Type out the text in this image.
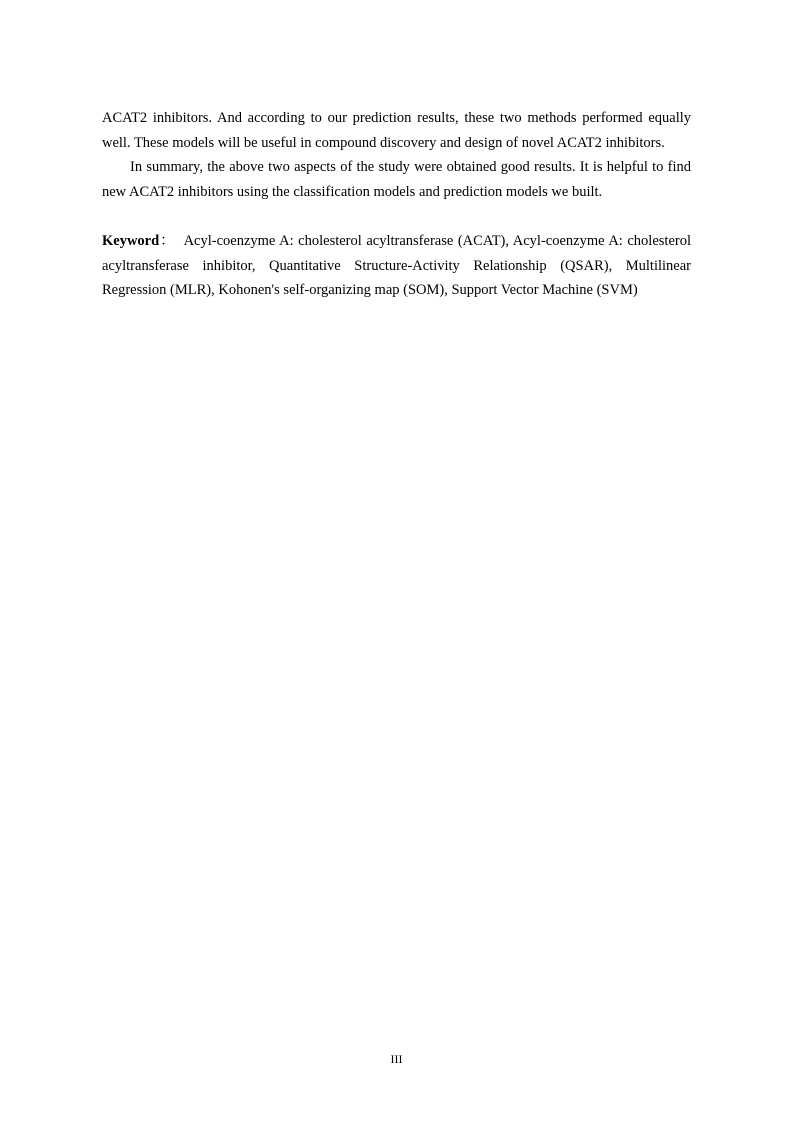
ACAT2 inhibitors. And according to our prediction results, these two methods performed equally well. These models will be useful in compound discovery and design of novel ACAT2 inhibitors.

In summary, the above two aspects of the study were obtained good results. It is helpful to find new ACAT2 inhibitors using the classification models and prediction models we built.

Keyword： Acyl-coenzyme A: cholesterol acyltransferase (ACAT), Acyl-coenzyme A: cholesterol acyltransferase inhibitor, Quantitative Structure-Activity Relationship (QSAR), Multilinear Regression (MLR), Kohonen's self-organizing map (SOM), Support Vector Machine (SVM)

III
